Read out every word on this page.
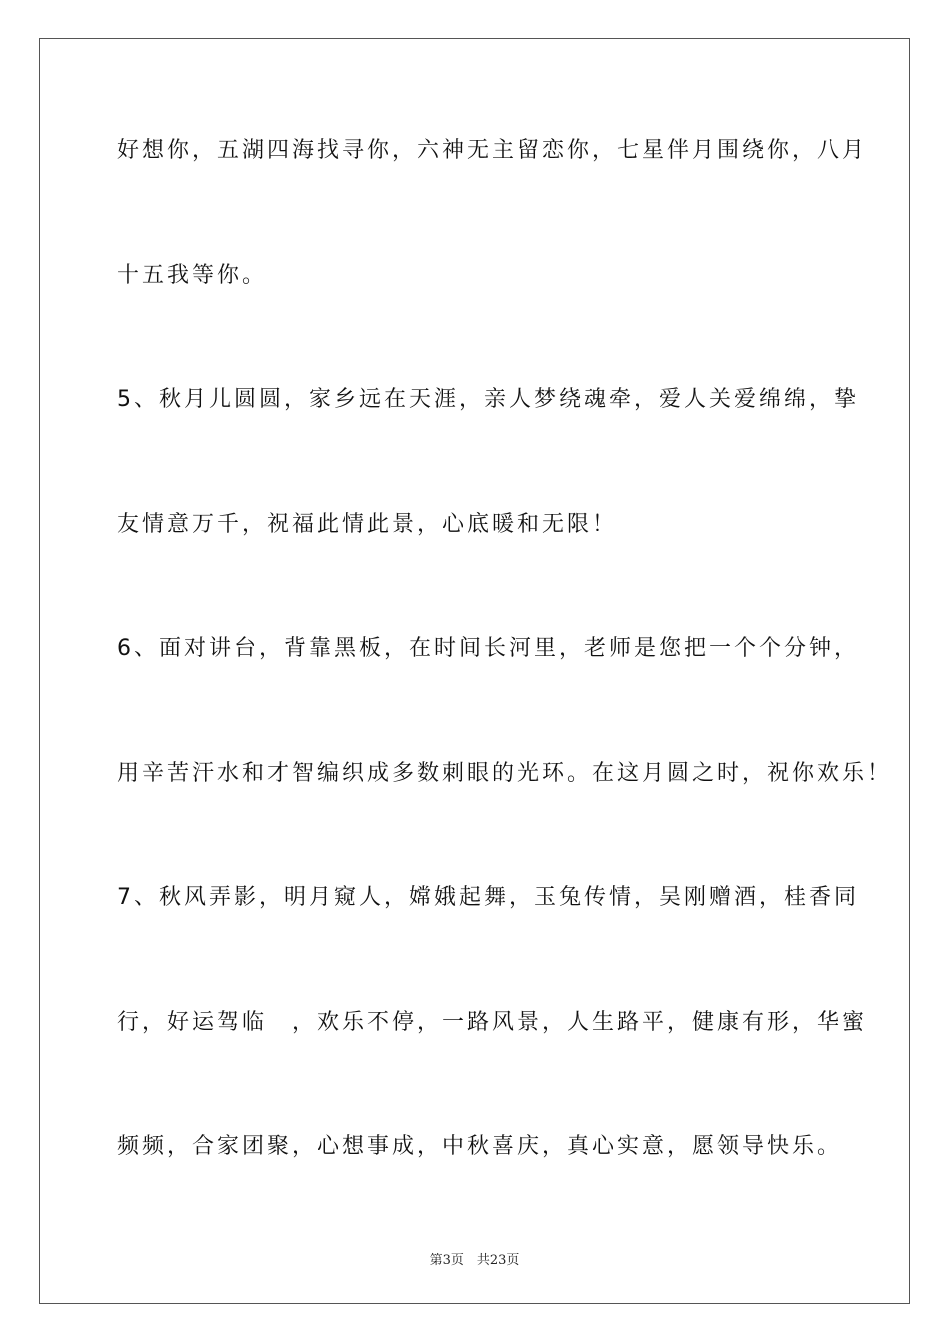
好想你，五湖四海找寻你，六神无主留恋你，七星伴月围绕你，八月
十五我等你。
5、秋月儿圆圆，家乡远在天涯，亲人梦绕魂牵，爱人关爱绵绵，挚
友情意万千，祝福此情此景，心底暖和无限！
6、面对讲台，背靠黑板，在时间长河里，老师是您把一个个分钟，
用辛苦汗水和才智编织成多数刺眼的光环。在这月圆之时，祝你欢乐！
7、秋风弄影，明月窥人，嫦娥起舞，玉兔传情，吴刚赠酒，桂香同
行，好运驾临　，欢乐不停，一路风景，人生路平，健康有形，华蜜
频频，合家团聚，心想事成，中秋喜庆，真心实意，愿领导快乐。
第3页　共23页
